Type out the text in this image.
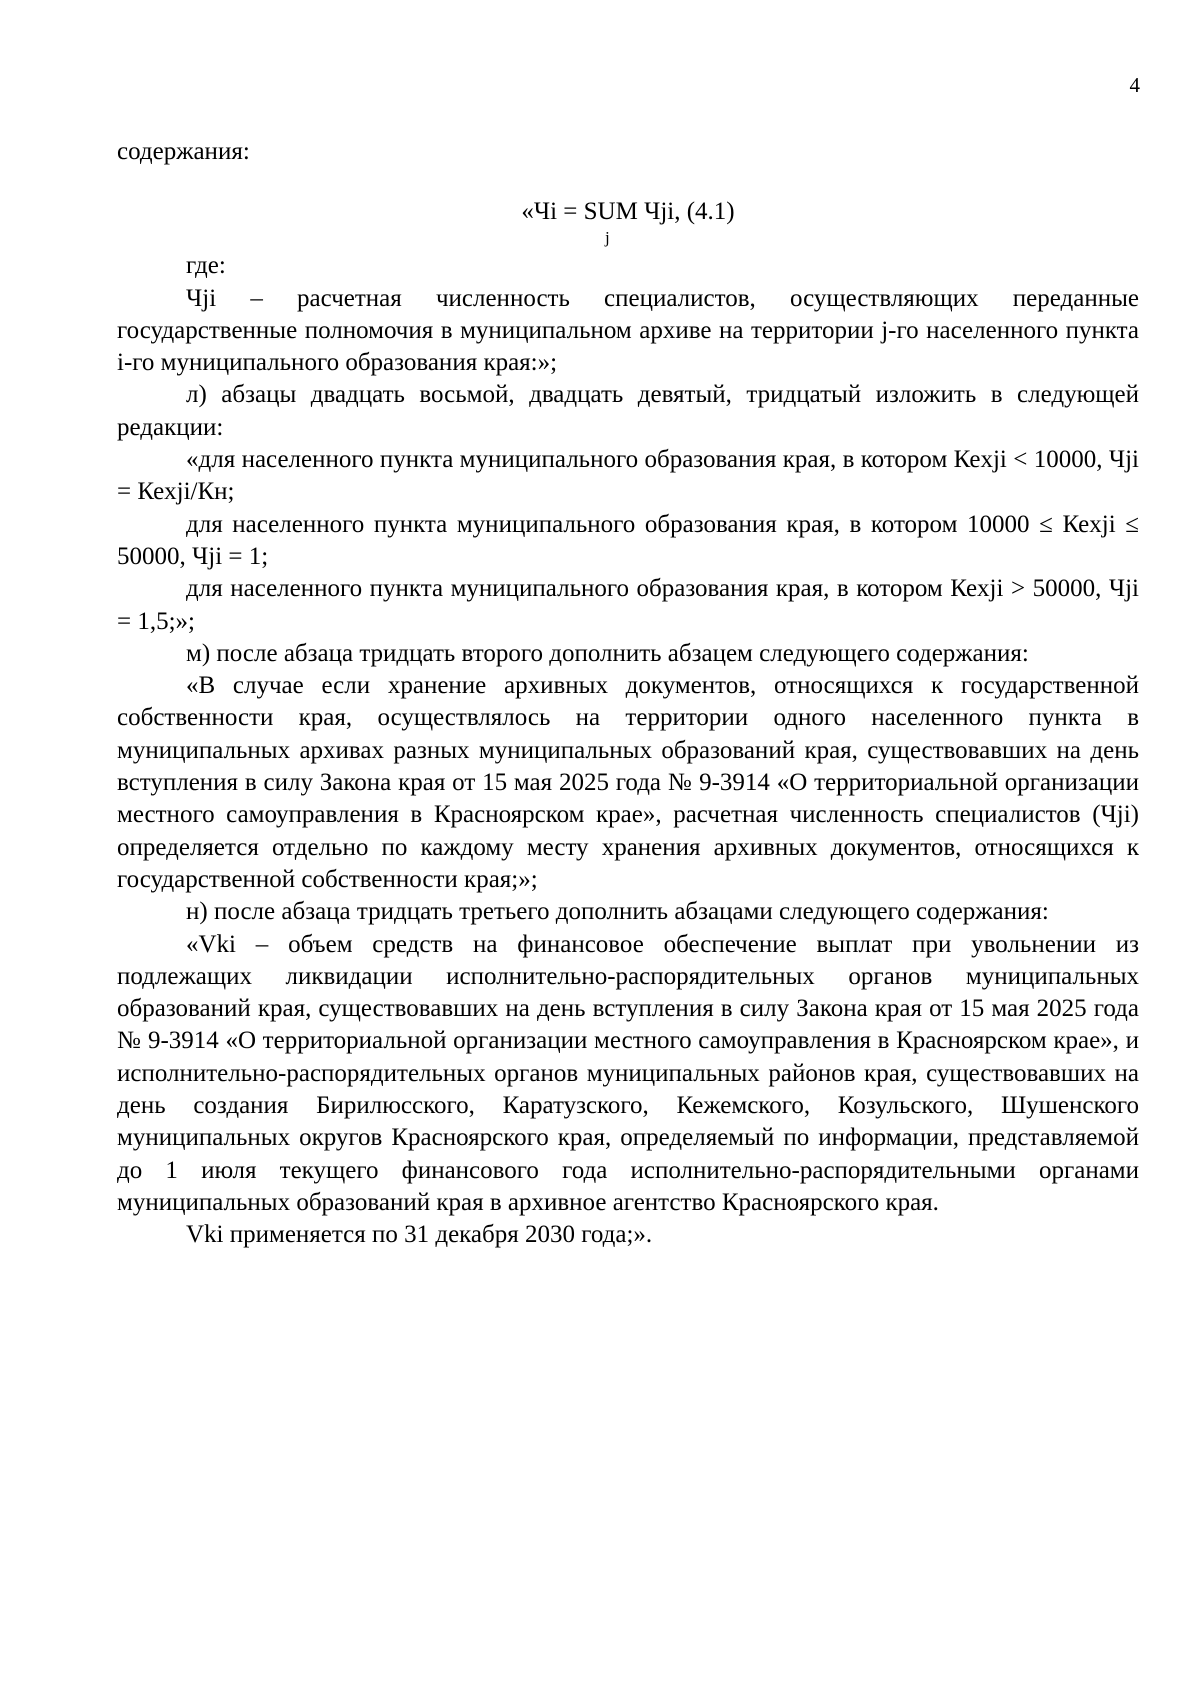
4

содержания:

«Чi = SUM Чji, (4.1)
j

где:

Чji – расчетная численность специалистов, осуществляющих переданные государственные полномочия в муниципальном архиве на территории j-го населенного пункта i-го муниципального образования края:»;

л) абзацы двадцать восьмой, двадцать девятый, тридцатый изложить в следующей редакции:

«для населенного пункта муниципального образования края, в котором Кеxji < 10000, Чji = Кеxji/Кн;

для населенного пункта муниципального образования края, в котором 10000 ≤ Кеxji ≤ 50000, Чji = 1;

для населенного пункта муниципального образования края, в котором Кеxji > 50000, Чji = 1,5;»;

м) после абзаца тридцать второго дополнить абзацем следующего содержания:

«В случае если хранение архивных документов, относящихся к государственной собственности края, осуществлялось на территории одного населенного пункта в муниципальных архивах разных муниципальных образований края, существовавших на день вступления в силу Закона края от 15 мая 2025 года № 9-3914 «О территориальной организации местного самоуправления в Красноярском крае», расчетная численность специалистов (Чji) определяется отдельно по каждому месту хранения архивных документов, относящихся к государственной собственности края;»;

н) после абзаца тридцать третьего дополнить абзацами следующего содержания:

«Vki – объем средств на финансовое обеспечение выплат при увольнении из подлежащих ликвидации исполнительно-распорядительных органов муниципальных образований края, существовавших на день вступления в силу Закона края от 15 мая 2025 года № 9-3914 «О территориальной организации местного самоуправления в Красноярском крае», и исполнительно-распорядительных органов муниципальных районов края, существовавших на день создания Бирилюсского, Каратузского, Кежемского, Козульского, Шушенского муниципальных округов Красноярского края, определяемый по информации, представляемой до 1 июля текущего финансового года исполнительно-распорядительными органами муниципальных образований края в архивное агентство Красноярского края.

Vki применяется по 31 декабря 2030 года;».
